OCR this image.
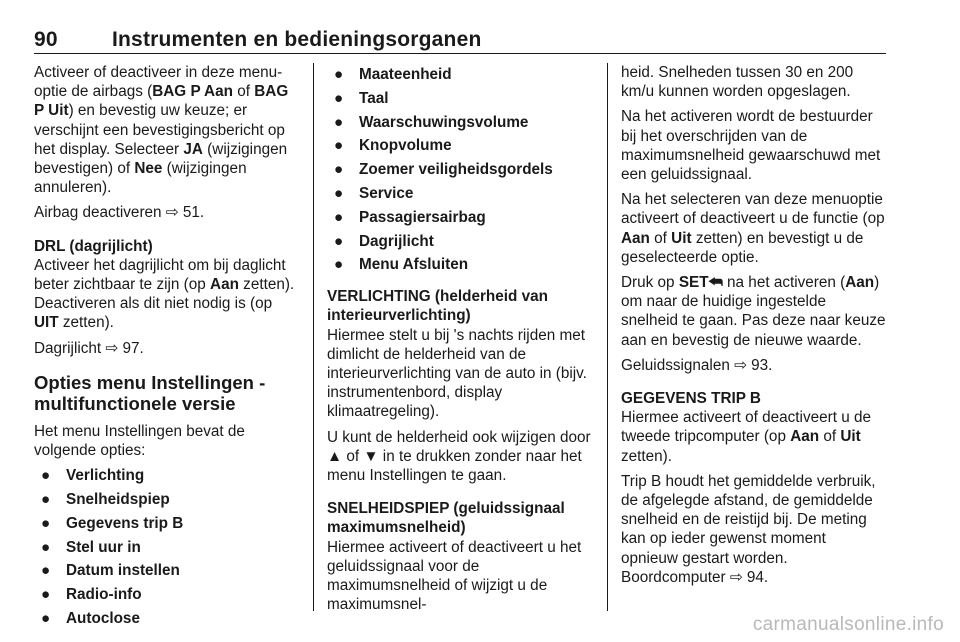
90	Instrumenten en bedieningsorganen

Activeer of deactiveer in deze menu-optie de airbags (BAG P Aan of BAG P Uit) en bevestig uw keuze; er verschijnt een bevestigingsbericht op het display. Selecteer JA (wijzigingen bevestigen) of Nee (wijzigingen annuleren).

Airbag deactiveren ⇨ 51.

DRL (dagrijlicht)

Activeer het dagrijlicht om bij daglicht beter zichtbaar te zijn (op Aan zetten). Deactiveren als dit niet nodig is (op UIT zetten).

Dagrijlicht ⇨ 97.

Opties menu Instellingen - multifunctionele versie

Het menu Instellingen bevat de volgende opties:

● Verlichting
● Snelheidspiep
● Gegevens trip B
● Stel uur in
● Datum instellen
● Radio-info
● Autoclose
● Maateenheid
● Taal
● Waarschuwingsvolume
● Knopvolume
● Zoemer veiligheidsgordels
● Service
● Passagiersairbag
● Dagrijlicht
● Menu Afsluiten
VERLICHTING (helderheid van interieurverlichting)

Hiermee stelt u bij 's nachts rijden met dimlicht de helderheid van de interieurverlichting van de auto in (bijv. instrumentenbord, display klimaatregeling).

U kunt de helderheid ook wijzigen door ▲ of ▼ in te drukken zonder naar het menu Instellingen te gaan.

SNELHEIDSPIEP (geluidssignaal maximumsnelheid)

Hiermee activeert of deactiveert u het geluidssignaal voor de maximumsnelheid of wijzigt u de maximumsnel-

heid. Snelheden tussen 30 en 200 km/u kunnen worden opgeslagen.

Na het activeren wordt de bestuurder bij het overschrijden van de maximumsnelheid gewaarschuwd met een geluidssignaal.

Na het selecteren van deze menuoptie activeert of deactiveert u de functie (op Aan of Uit zetten) en bevestigt u de geselecteerde optie.

Druk op SET⮪ na het activeren (Aan) om naar de huidige ingestelde snelheid te gaan. Pas deze naar keuze aan en bevestig de nieuwe waarde.

Geluidssignalen ⇨ 93.

GEGEVENS TRIP B

Hiermee activeert of deactiveert u de tweede tripcomputer (op Aan of Uit zetten).

Trip B houdt het gemiddelde verbruik, de afgelegde afstand, de gemiddelde snelheid en de reistijd bij. De meting kan op ieder gewenst moment opnieuw gestart worden. Boordcomputer ⇨ 94.

carmanualsonline.info
